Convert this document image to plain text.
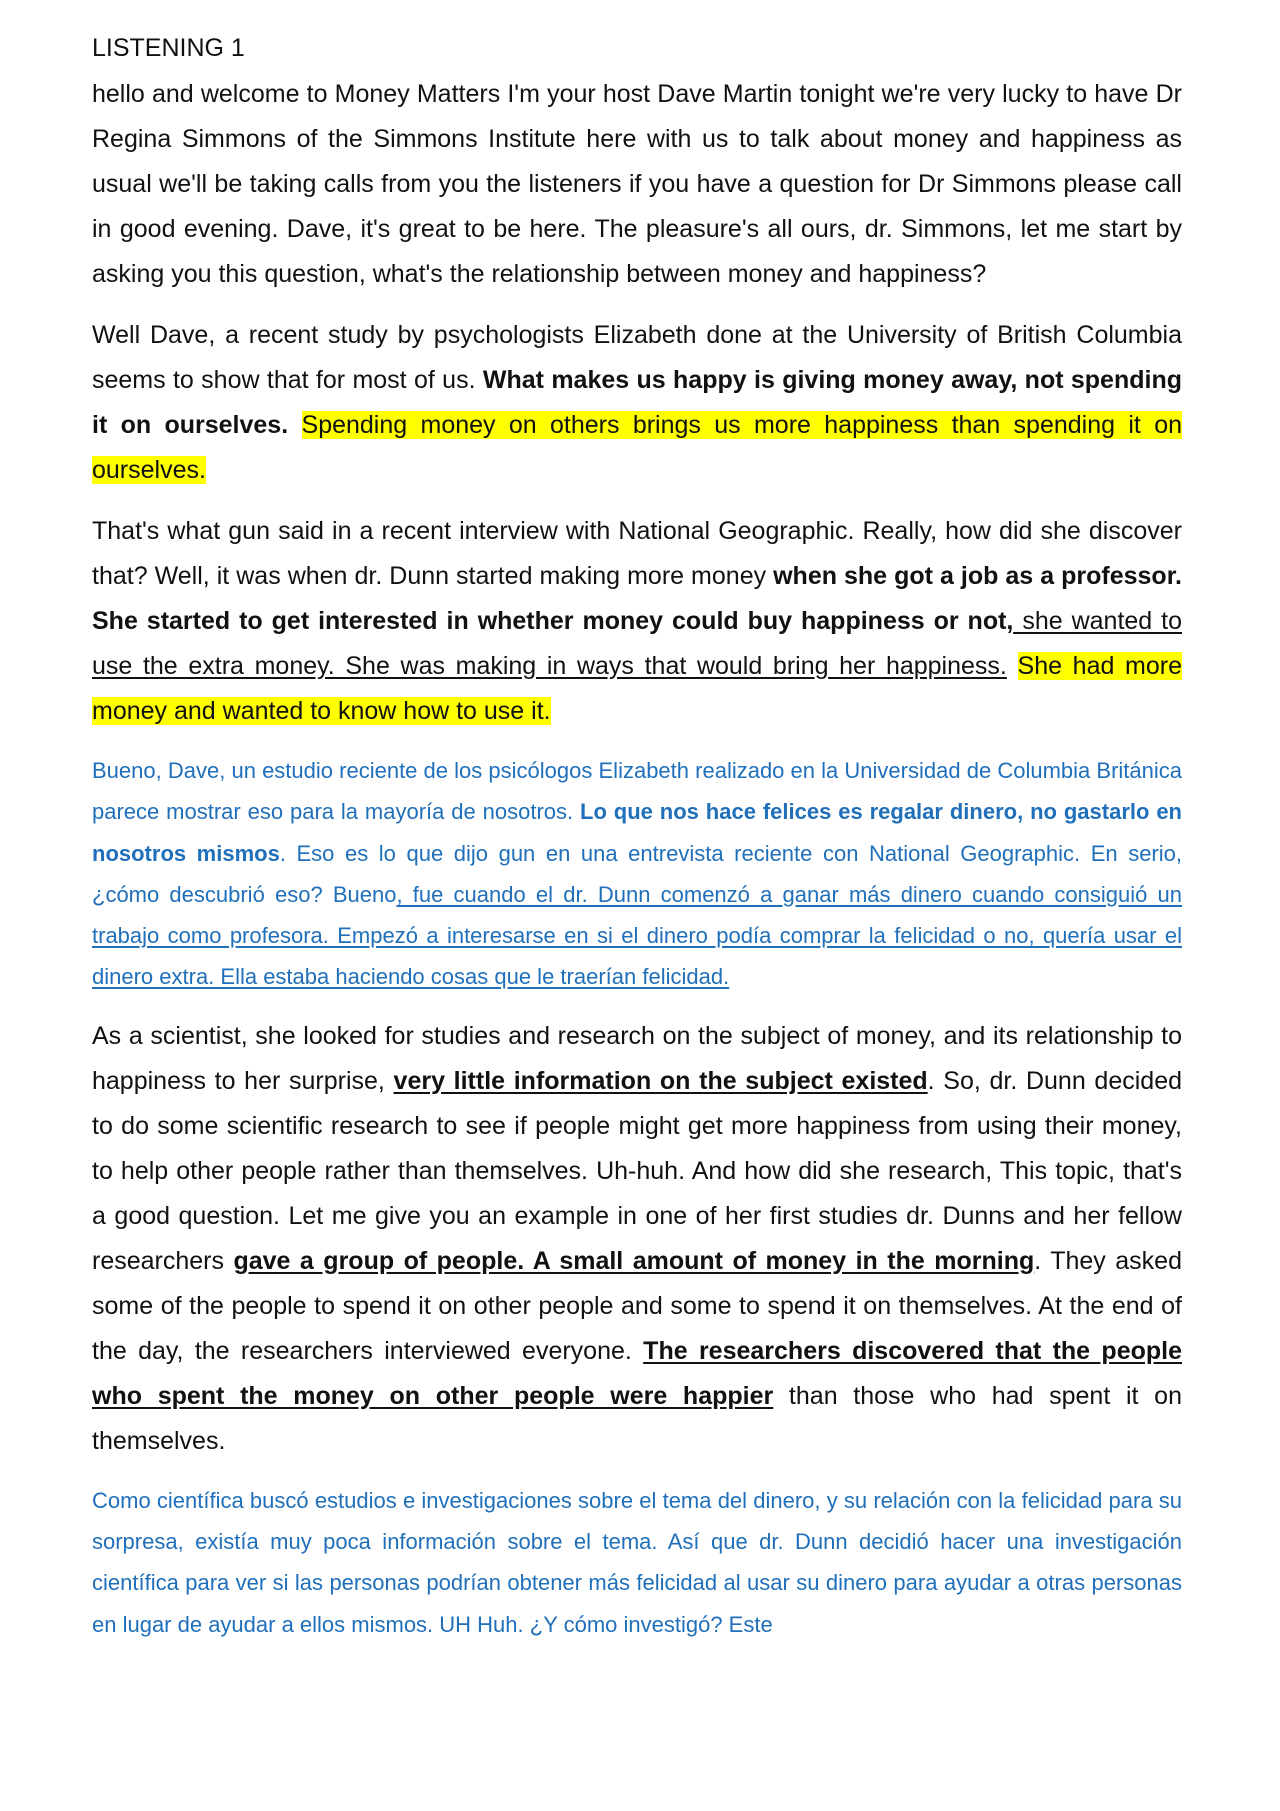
LISTENING 1

hello and welcome to Money Matters I'm your host Dave Martin tonight we're very lucky to have Dr Regina Simmons of the Simmons Institute here with us to talk about money and happiness as usual we'll be taking calls from you the listeners if you have a question for Dr Simmons please call in good evening. Dave, it's great to be here. The pleasure's all ours, dr. Simmons, let me start by asking you this question, what's the relationship between money and happiness?

Well Dave, a recent study by psychologists Elizabeth done at the University of British Columbia seems to show that for most of us. What makes us happy is giving money away, not spending it on ourselves. Spending money on others brings us more happiness than spending it on ourselves.

That's what gun said in a recent interview with National Geographic. Really, how did she discover that? Well, it was when dr. Dunn started making more money when she got a job as a professor. She started to get interested in whether money could buy happiness or not, she wanted to use the extra money. She was making in ways that would bring her happiness. She had more money and wanted to know how to use it.

Bueno, Dave, un estudio reciente de los psicólogos Elizabeth realizado en la Universidad de Columbia Británica parece mostrar eso para la mayoría de nosotros. Lo que nos hace felices es regalar dinero, no gastarlo en nosotros mismos. Eso es lo que dijo gun en una entrevista reciente con National Geographic. En serio, ¿cómo descubrió eso? Bueno, fue cuando el dr. Dunn comenzó a ganar más dinero cuando consiguió un trabajo como profesora. Empezó a interesarse en si el dinero podía comprar la felicidad o no, quería usar el dinero extra. Ella estaba haciendo cosas que le traerían felicidad.

As a scientist, she looked for studies and research on the subject of money, and its relationship to happiness to her surprise, very little information on the subject existed. So, dr. Dunn decided to do some scientific research to see if people might get more happiness from using their money, to help other people rather than themselves. Uh-huh. And how did she research, This topic, that's a good question. Let me give you an example in one of her first studies dr. Dunns and her fellow researchers gave a group of people. A small amount of money in the morning. They asked some of the people to spend it on other people and some to spend it on themselves. At the end of the day, the researchers interviewed everyone. The researchers discovered that the people who spent the money on other people were happier than those who had spent it on themselves.

Como científica buscó estudios e investigaciones sobre el tema del dinero, y su relación con la felicidad para su sorpresa, existía muy poca información sobre el tema. Así que dr. Dunn decidió hacer una investigación científica para ver si las personas podrían obtener más felicidad al usar su dinero para ayudar a otras personas en lugar de ayudar a ellos mismos. UH Huh. ¿Y cómo investigó? Este
